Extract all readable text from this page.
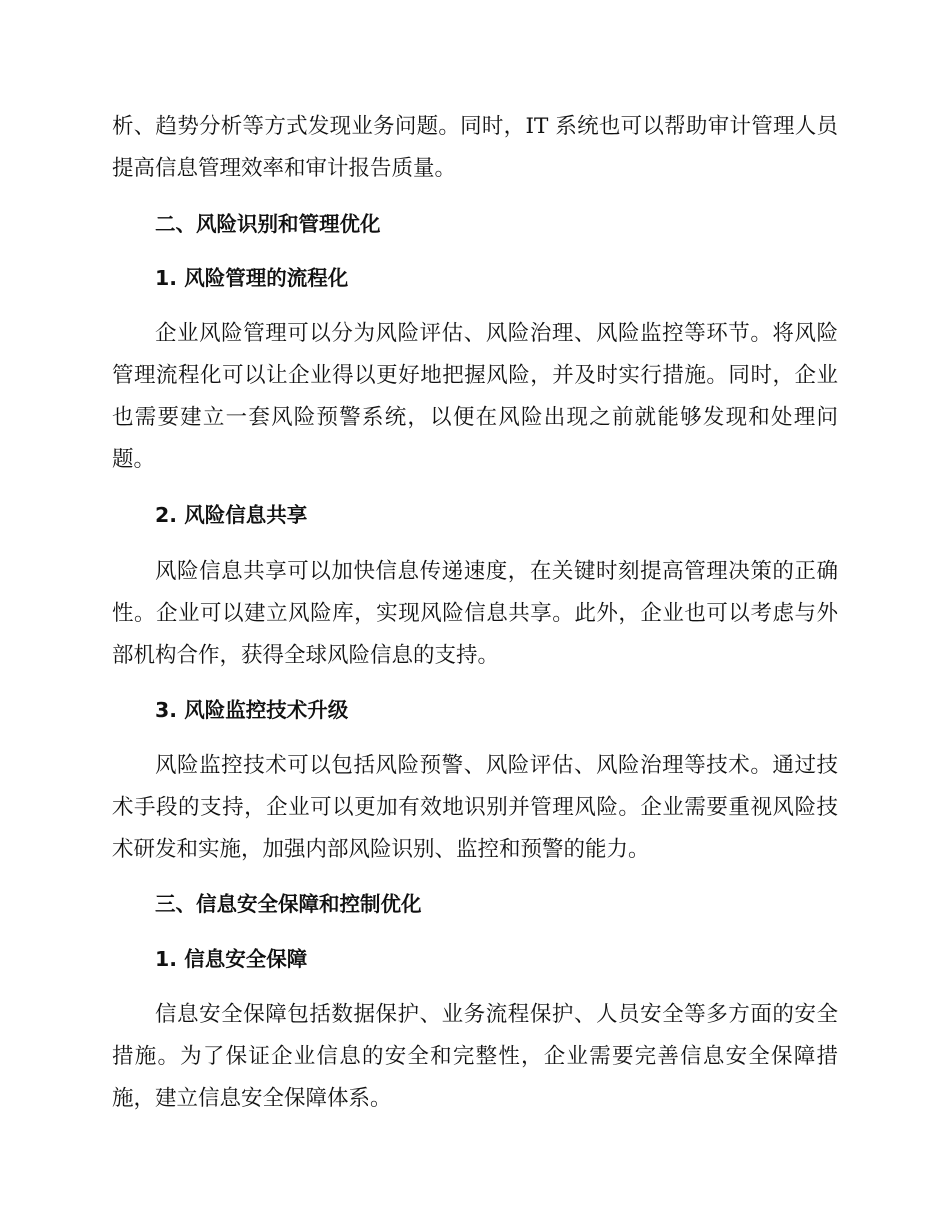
析、趋势分析等方式发现业务问题。同时，IT 系统也可以帮助审计管理人员提高信息管理效率和审计报告质量。

二、风险识别和管理优化

1. 风险管理的流程化

企业风险管理可以分为风险评估、风险治理、风险监控等环节。将风险管理流程化可以让企业得以更好地把握风险，并及时实行措施。同时，企业也需要建立一套风险预警系统，以便在风险出现之前就能够发现和处理问题。

2. 风险信息共享

风险信息共享可以加快信息传递速度，在关键时刻提高管理决策的正确性。企业可以建立风险库，实现风险信息共享。此外，企业也可以考虑与外部机构合作，获得全球风险信息的支持。

3. 风险监控技术升级

风险监控技术可以包括风险预警、风险评估、风险治理等技术。通过技术手段的支持，企业可以更加有效地识别并管理风险。企业需要重视风险技术研发和实施，加强内部风险识别、监控和预警的能力。

三、信息安全保障和控制优化

1. 信息安全保障

信息安全保障包括数据保护、业务流程保护、人员安全等多方面的安全措施。为了保证企业信息的安全和完整性，企业需要完善信息安全保障措施，建立信息安全保障体系。
